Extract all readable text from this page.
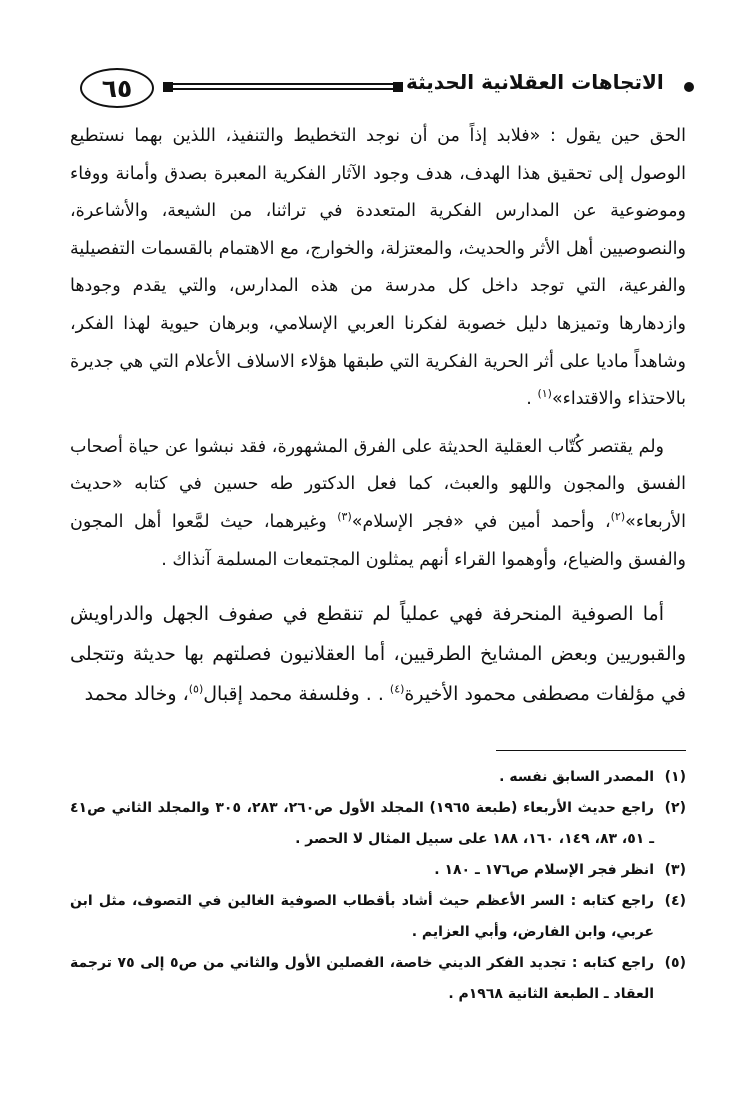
٦٥	الاتجاهات العقلانية الحديثة

الحق حين يقول : «فلابد إذاً من أن نوجد التخطيط والتنفيذ، اللذين بهما نستطيع الوصول إلى تحقيق هذا الهدف، هدف وجود الآثار الفكرية المعبرة بصدق وأمانة ووفاء وموضوعية عن المدارس الفكرية المتعددة في تراثنا، من الشيعة، والأشاعرة، والنصوصيين أهل الأثر والحديث، والمعتزلة، والخوارج، مع الاهتمام بالقسمات التفصيلية والفرعية، التي توجد داخل كل مدرسة من هذه المدارس، والتي يقدم وجودها وازدهارها وتميزها دليل خصوبة لفكرنا العربي الإسلامي، وبرهان حيوية لهذا الفكر، وشاهداً ماديا على أثر الحرية الفكرية التي طبقها هؤلاء الاسلاف الأعلام التي هي جديرة بالاحتذاء والاقتداء»$^{(١)}$ .

ولم يقتصر كُتّاب العقلية الحديثة على الفرق المشهورة، فقد نبشوا عن حياة أصحاب الفسق والمجون واللهو والعبث، كما فعل الدكتور طه حسين في كتابه «حديث الأربعاء»$^{(٢)}$، وأحمد أمين في «فجر الإسلام»$^{(٣)}$ وغيرهما، حيث لمَّعوا أهل المجون والفسق والضياع، وأوهموا القراء أنهم يمثلون المجتمعات المسلمة آنذاك .

أما الصوفية المنحرفة فهي عملياً لم تنقطع في صفوف الجهل والدراويش والقبوريين وبعض المشايخ الطرقيين، أما العقلانيون فصلتهم بها حديثة وتتجلى في مؤلفات مصطفى محمود الأخيرة$^{(٤)}$ . . وفلسفة محمد إقبال$^{(٥)}$، وخالد محمد

(١)
المصدر السابق نفسه .
(٢)
راجع حديث الأربعاء (طبعة ١٩٦٥) المجلد الأول ص٢٦٠، ٢٨٣، ٣٠٥ والمجلد الثاني ص٤١ ـ ٥١، ٨٣، ١٤٩، ١٦٠، ١٨٨ على سبيل المثال لا الحصر .
(٣)
انظر فجر الإسلام ص١٧٦ ـ ١٨٠ .
(٤)
راجع كتابه : السر الأعظم حيث أشاد بأقطاب الصوفية الغالين في التصوف، مثل ابن عربي، وابن الفارض، وأبي العزايم .
(٥)
راجع كتابه : تجديد الفكر الديني خاصة، الفصلين الأول والثاني من ص٥ إلى ٧٥ ترجمة العقاد ـ الطبعة الثانية ١٩٦٨م .
